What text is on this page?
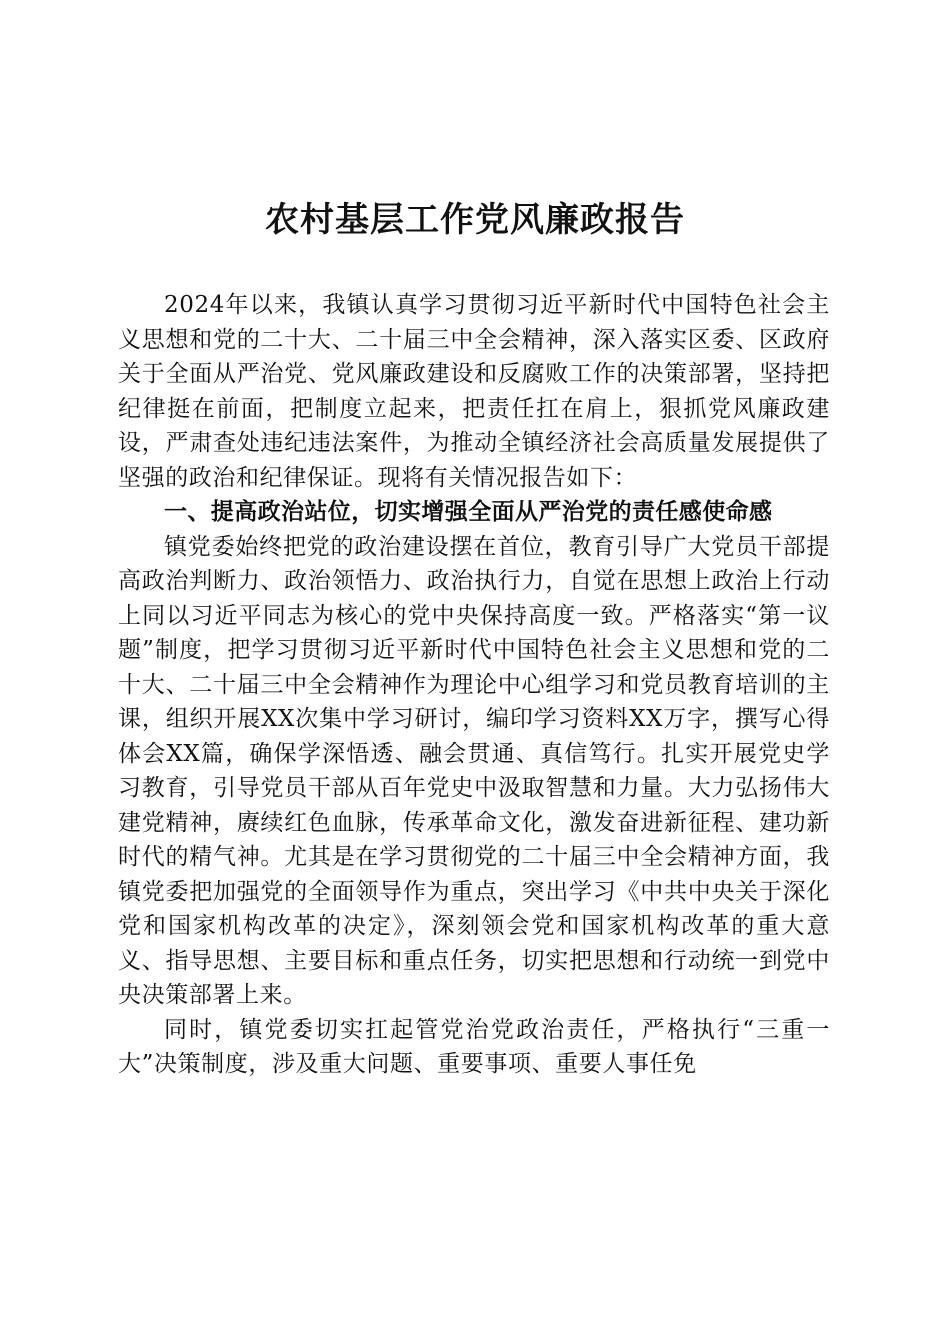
农村基层工作党风廉政报告

2024年以来，我镇认真学习贯彻习近平新时代中国特色社会主义思想和党的二十大、二十届三中全会精神，深入落实区委、区政府关于全面从严治党、党风廉政建设和反腐败工作的决策部署，坚持把纪律挺在前面，把制度立起来，把责任扛在肩上，狠抓党风廉政建设，严肃查处违纪违法案件，为推动全镇经济社会高质量发展提供了坚强的政治和纪律保证。现将有关情况报告如下：

一、提高政治站位，切实增强全面从严治党的责任感使命感

镇党委始终把党的政治建设摆在首位，教育引导广大党员干部提高政治判断力、政治领悟力、政治执行力，自觉在思想上政治上行动上同以习近平同志为核心的党中央保持高度一致。严格落实“第一议题”制度，把学习贯彻习近平新时代中国特色社会主义思想和党的二十大、二十届三中全会精神作为理论中心组学习和党员教育培训的主课，组织开展XX次集中学习研讨，编印学习资料XX万字，撰写心得体会XX篇，确保学深悟透、融会贯通、真信笃行。扎实开展党史学习教育，引导党员干部从百年党史中汲取智慧和力量。大力弘扬伟大建党精神，赓续红色血脉，传承革命文化，激发奋进新征程、建功新时代的精气神。尤其是在学习贯彻党的二十届三中全会精神方面，我镇党委把加强党的全面领导作为重点，突出学习《中共中央关于深化党和国家机构改革的决定》，深刻领会党和国家机构改革的重大意义、指导思想、主要目标和重点任务，切实把思想和行动统一到党中央决策部署上来。

同时，镇党委切实扛起管党治党政治责任，严格执行“三重一大”决策制度，涉及重大问题、重要事项、重要人事任免
